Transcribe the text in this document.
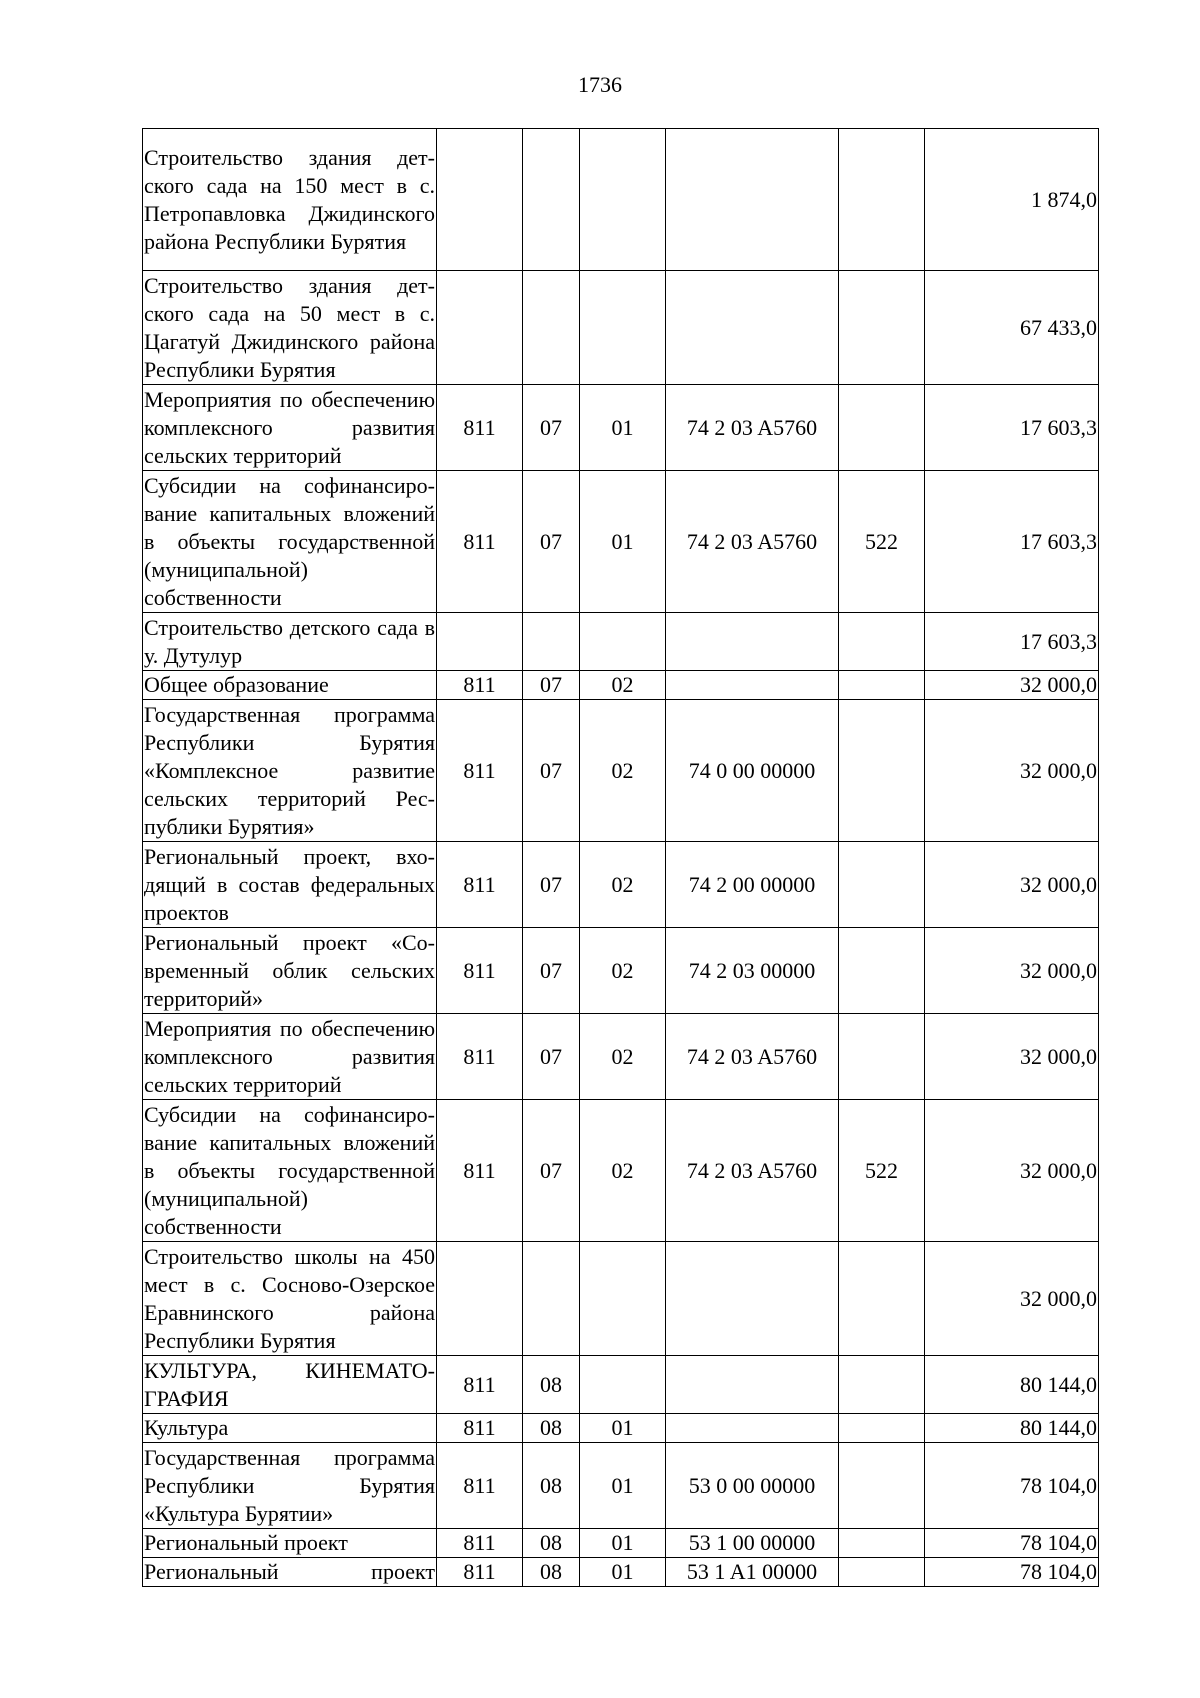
1736
Строительство здания детского сада на 150 мест в с. Петропавловка Джидинского района Республики Бурятия						1 874,0
Строительство здания детского сада на 50 мест в с. Цагатуй Джидинского района Республики Бурятия						67 433,0
Мероприятия по обеспечению комплексного развития сельских территорий	811	07	01	74 2 03 A5760		17 603,3
Субсидии на софинансирование капитальных вложений в объекты государственной (муниципальной) собственности	811	07	01	74 2 03 A5760	522	17 603,3
Строительство детского сада в у. Дутулур						17 603,3
Общее образование	811	07	02			32 000,0
Государственная программа Республики Бурятия «Комплексное развитие сельских территорий Республики Бурятия»	811	07	02	74 0 00 00000		32 000,0
Региональный проект, входящий в состав федеральных проектов	811	07	02	74 2 00 00000		32 000,0
Региональный проект «Современный облик сельских территорий»	811	07	02	74 2 03 00000		32 000,0
Мероприятия по обеспечению комплексного развития сельских территорий	811	07	02	74 2 03 A5760		32 000,0
Субсидии на софинансирование капитальных вложений в объекты государственной (муниципальной) собственности	811	07	02	74 2 03 A5760	522	32 000,0
Строительство школы на 450 мест в с. Сосново-Озерское Еравнинского района Республики Бурятия						32 000,0
КУЛЬТУРА, КИНЕМАТОГРАФИЯ	811	08				80 144,0
Культура	811	08	01			80 144,0
Государственная программа Республики Бурятия «Культура Бурятии»	811	08	01	53 0 00 00000		78 104,0
Региональный проект	811	08	01	53 1 00 00000		78 104,0
Региональный проект	811	08	01	53 1 A1 00000		78 104,0
